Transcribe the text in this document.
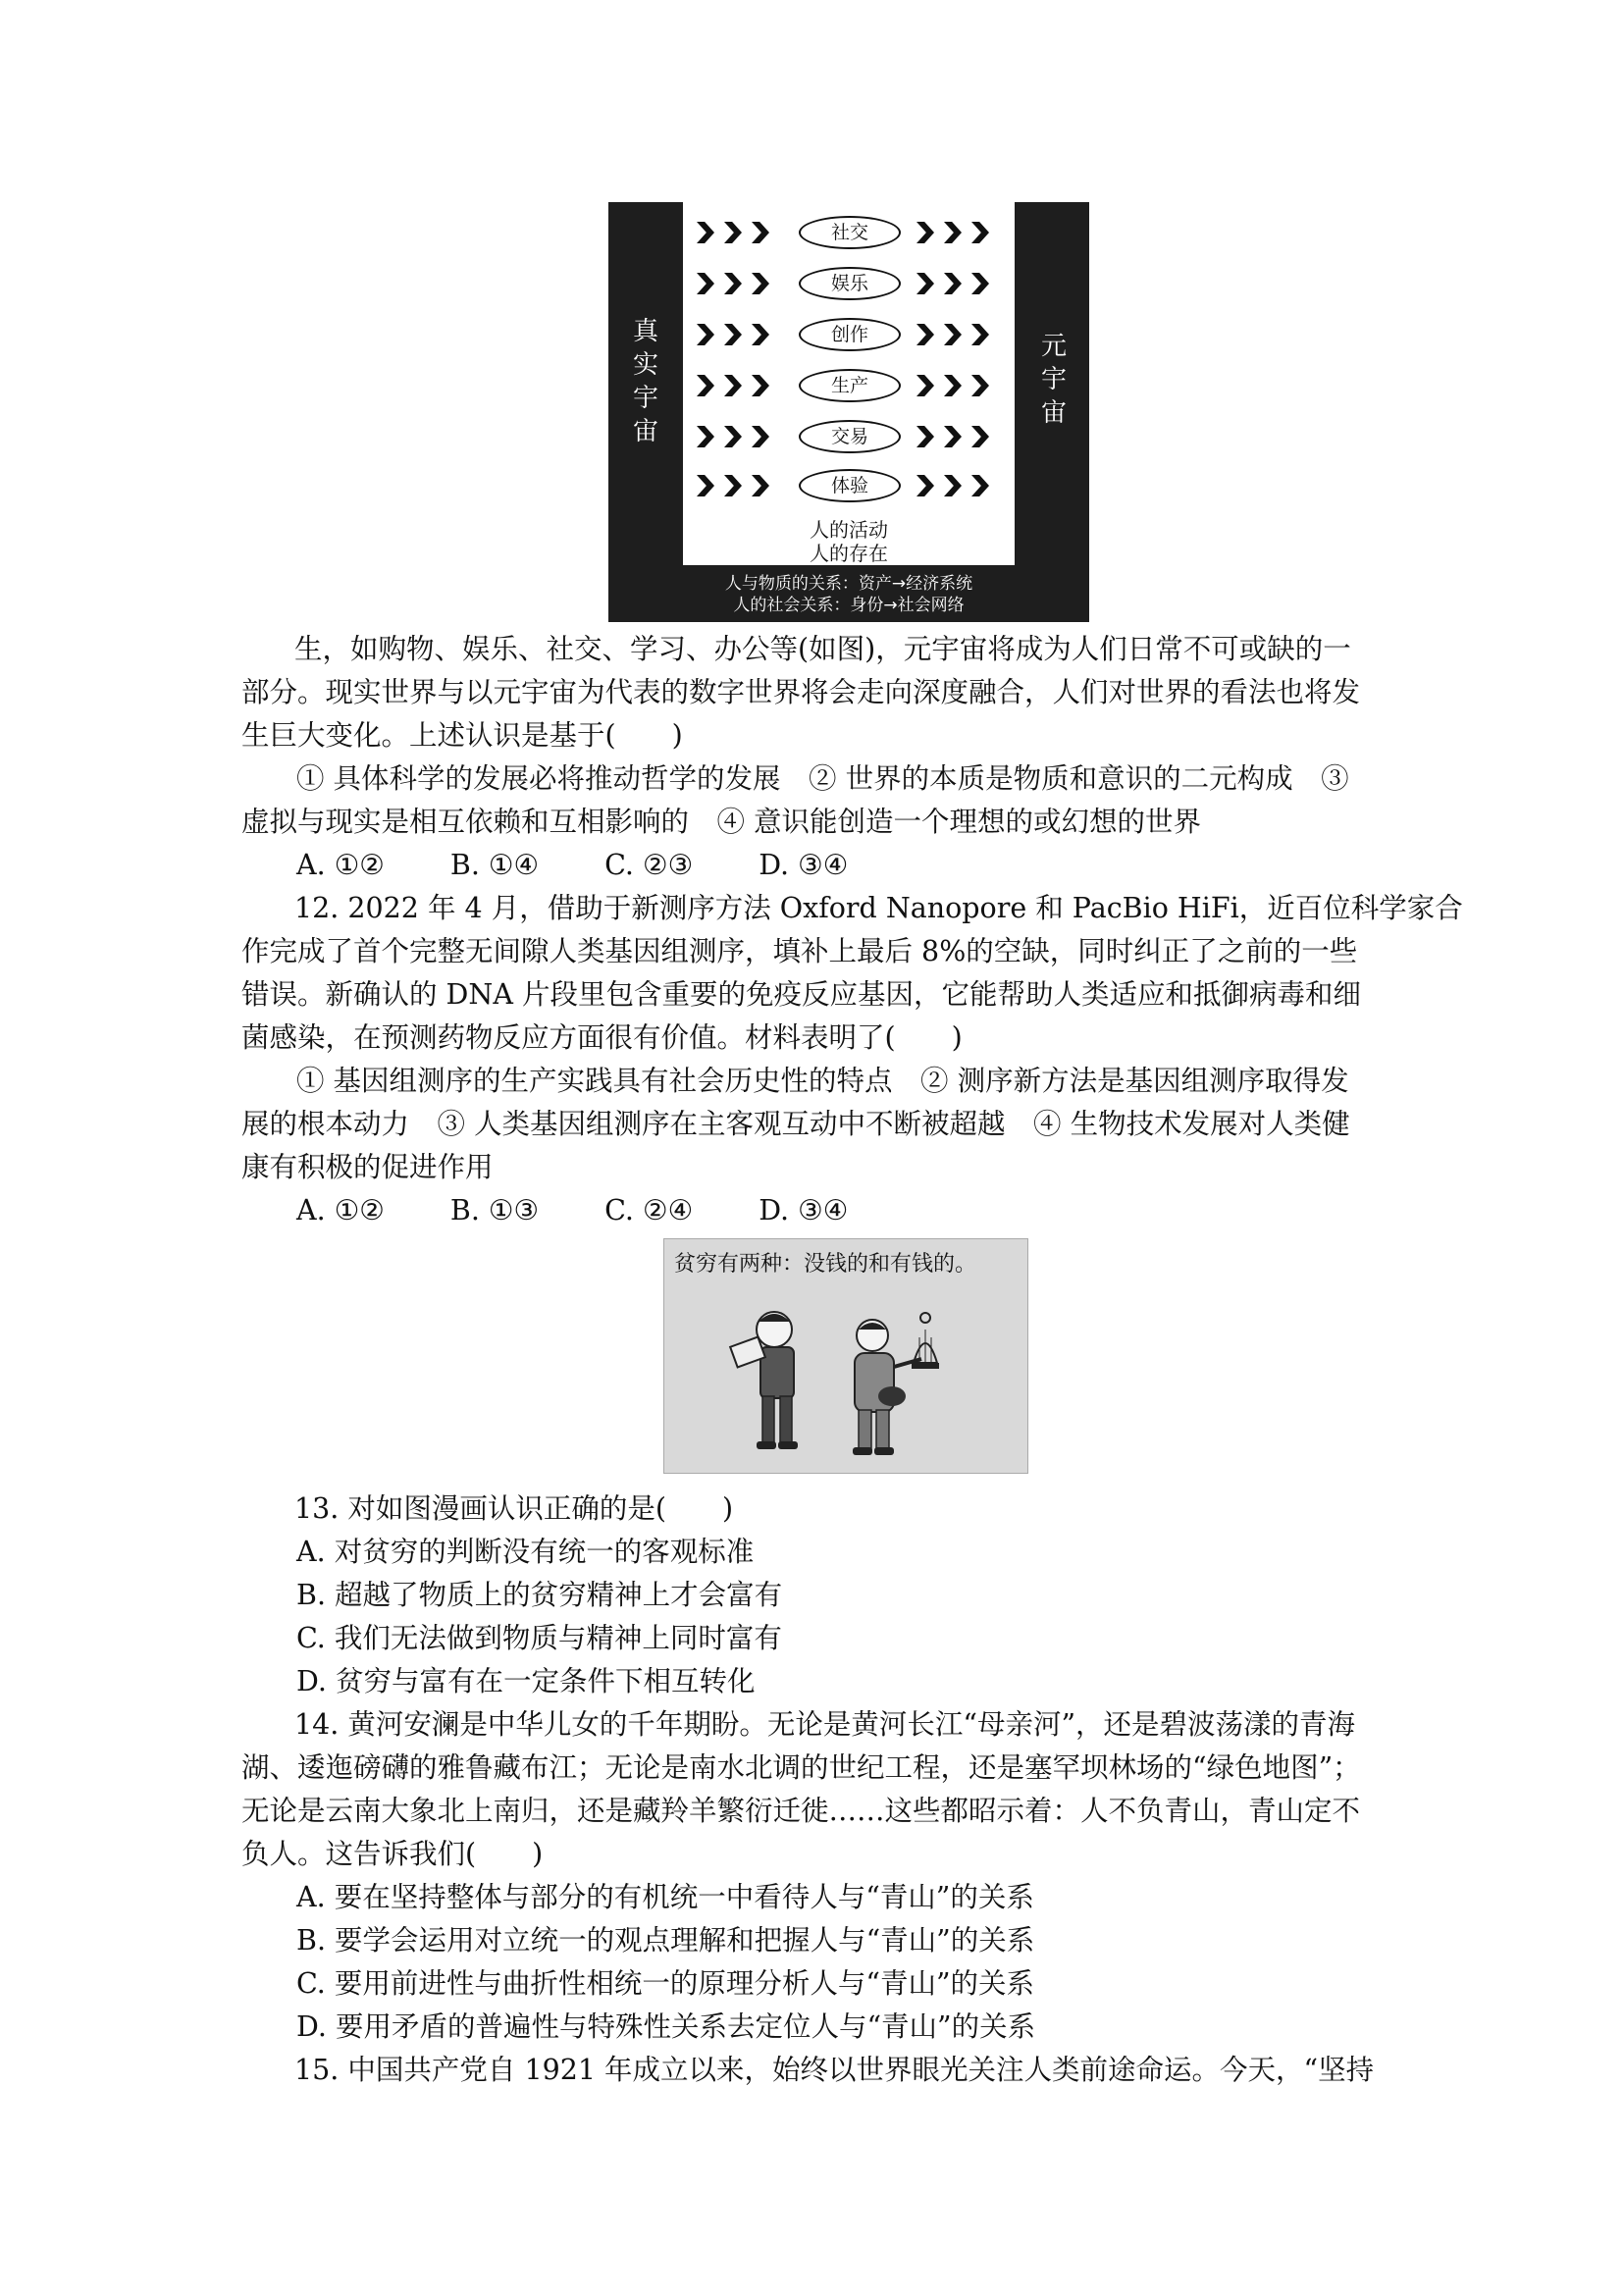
真实宇宙
元宇宙
社交
娱乐
创作
生产
交易
体验
人的活动
人的存在
人与物质的关系：资产→经济系统
人的社会关系：身份→社会网络
生，如购物、娱乐、社交、学习、办公等(如图)，元宇宙将成为人们日常不可或缺的一
部分。现实世界与以元宇宙为代表的数字世界将会走向深度融合，人们对世界的看法也将发
生巨大变化。上述认识是基于(　　)
① 具体科学的发展必将推动哲学的发展　② 世界的本质是物质和意识的二元构成　③
虚拟与现实是相互依赖和互相影响的　④ 意识能创造一个理想的或幻想的世界
A. ①② B. ①④ C. ②③ D. ③④
12. 2022 年 4 月，借助于新测序方法 Oxford Nanopore 和 PacBio HiFi，近百位科学家合
作完成了首个完整无间隙人类基因组测序，填补上最后 8%的空缺，同时纠正了之前的一些
错误。新确认的 DNA 片段里包含重要的免疫反应基因，它能帮助人类适应和抵御病毒和细
菌感染，在预测药物反应方面很有价值。材料表明了(　　)
① 基因组测序的生产实践具有社会历史性的特点　② 测序新方法是基因组测序取得发
展的根本动力　③ 人类基因组测序在主客观互动中不断被超越　④ 生物技术发展对人类健
康有积极的促进作用
A. ①② B. ①③ C. ②④ D. ③④
贫穷有两种：没钱的和有钱的。
13. 对如图漫画认识正确的是(　　)
A. 对贫穷的判断没有统一的客观标准
B. 超越了物质上的贫穷精神上才会富有
C. 我们无法做到物质与精神上同时富有
D. 贫穷与富有在一定条件下相互转化
14. 黄河安澜是中华儿女的千年期盼。无论是黄河长江“母亲河”，还是碧波荡漾的青海
湖、逶迤磅礴的雅鲁藏布江；无论是南水北调的世纪工程，还是塞罕坝林场的“绿色地图”；
无论是云南大象北上南归，还是藏羚羊繁衍迁徙……这些都昭示着：人不负青山，青山定不
负人。这告诉我们(　　)
A. 要在坚持整体与部分的有机统一中看待人与“青山”的关系
B. 要学会运用对立统一的观点理解和把握人与“青山”的关系
C. 要用前进性与曲折性相统一的原理分析人与“青山”的关系
D. 要用矛盾的普遍性与特殊性关系去定位人与“青山”的关系
15. 中国共产党自 1921 年成立以来，始终以世界眼光关注人类前途命运。今天，“坚持
